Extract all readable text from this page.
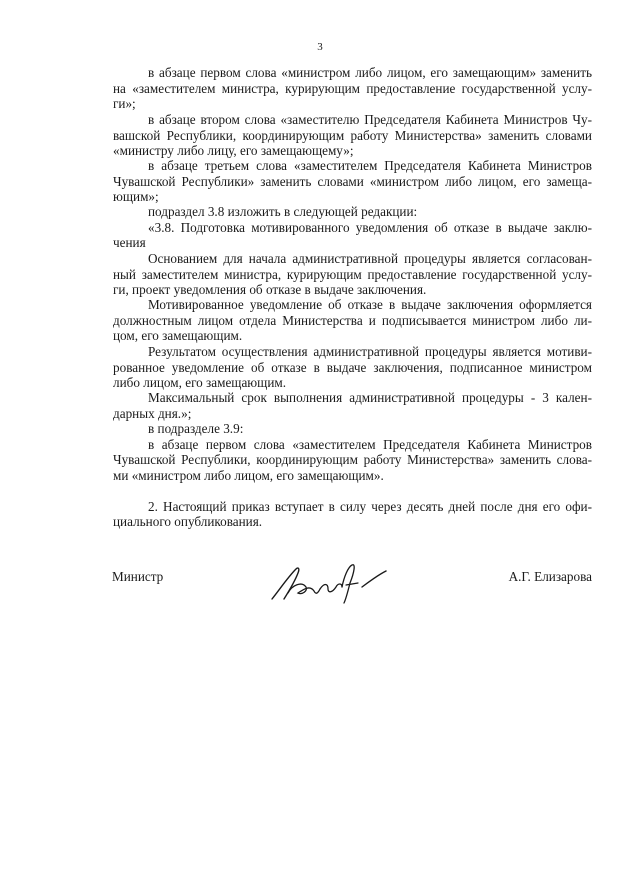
3
в абзаце первом слова «министром либо лицом, его замещающим» заменить
на «заместителем министра, курирующим предоставление государственной услу-
ги»;
в абзаце втором слова «заместителю Председателя Кабинета Министров Чу-
вашской Республики, координирующим работу Министерства» заменить словами
«министру либо лицу, его замещающему»;
в абзаце третьем слова «заместителем Председателя Кабинета Министров
Чувашской Республики» заменить словами «министром либо лицом, его замеща-
ющим»;
подраздел 3.8 изложить в следующей редакции:
«3.8. Подготовка мотивированного уведомления об отказе в выдаче заклю-
чения
Основанием для начала административной процедуры является согласован-
ный заместителем министра, курирующим предоставление государственной услу-
ги, проект уведомления об отказе в выдаче заключения.
Мотивированное уведомление об отказе в выдаче заключения оформляется
должностным лицом отдела Министерства и подписывается министром либо ли-
цом, его замещающим.
Результатом осуществления административной процедуры является мотиви-
рованное уведомление об отказе в выдаче заключения, подписанное министром
либо лицом, его замещающим.
Максимальный срок выполнения административной процедуры - 3 кален-
дарных дня.»;
в подразделе 3.9:
в абзаце первом слова «заместителем Председателя Кабинета Министров
Чувашской Республики, координирующим работу Министерства» заменить слова-
ми «министром либо лицом, его замещающим».
2. Настоящий приказ вступает в силу через десять дней после дня его офи-
циального опубликования.
Министр	А.Г. Елизарова
